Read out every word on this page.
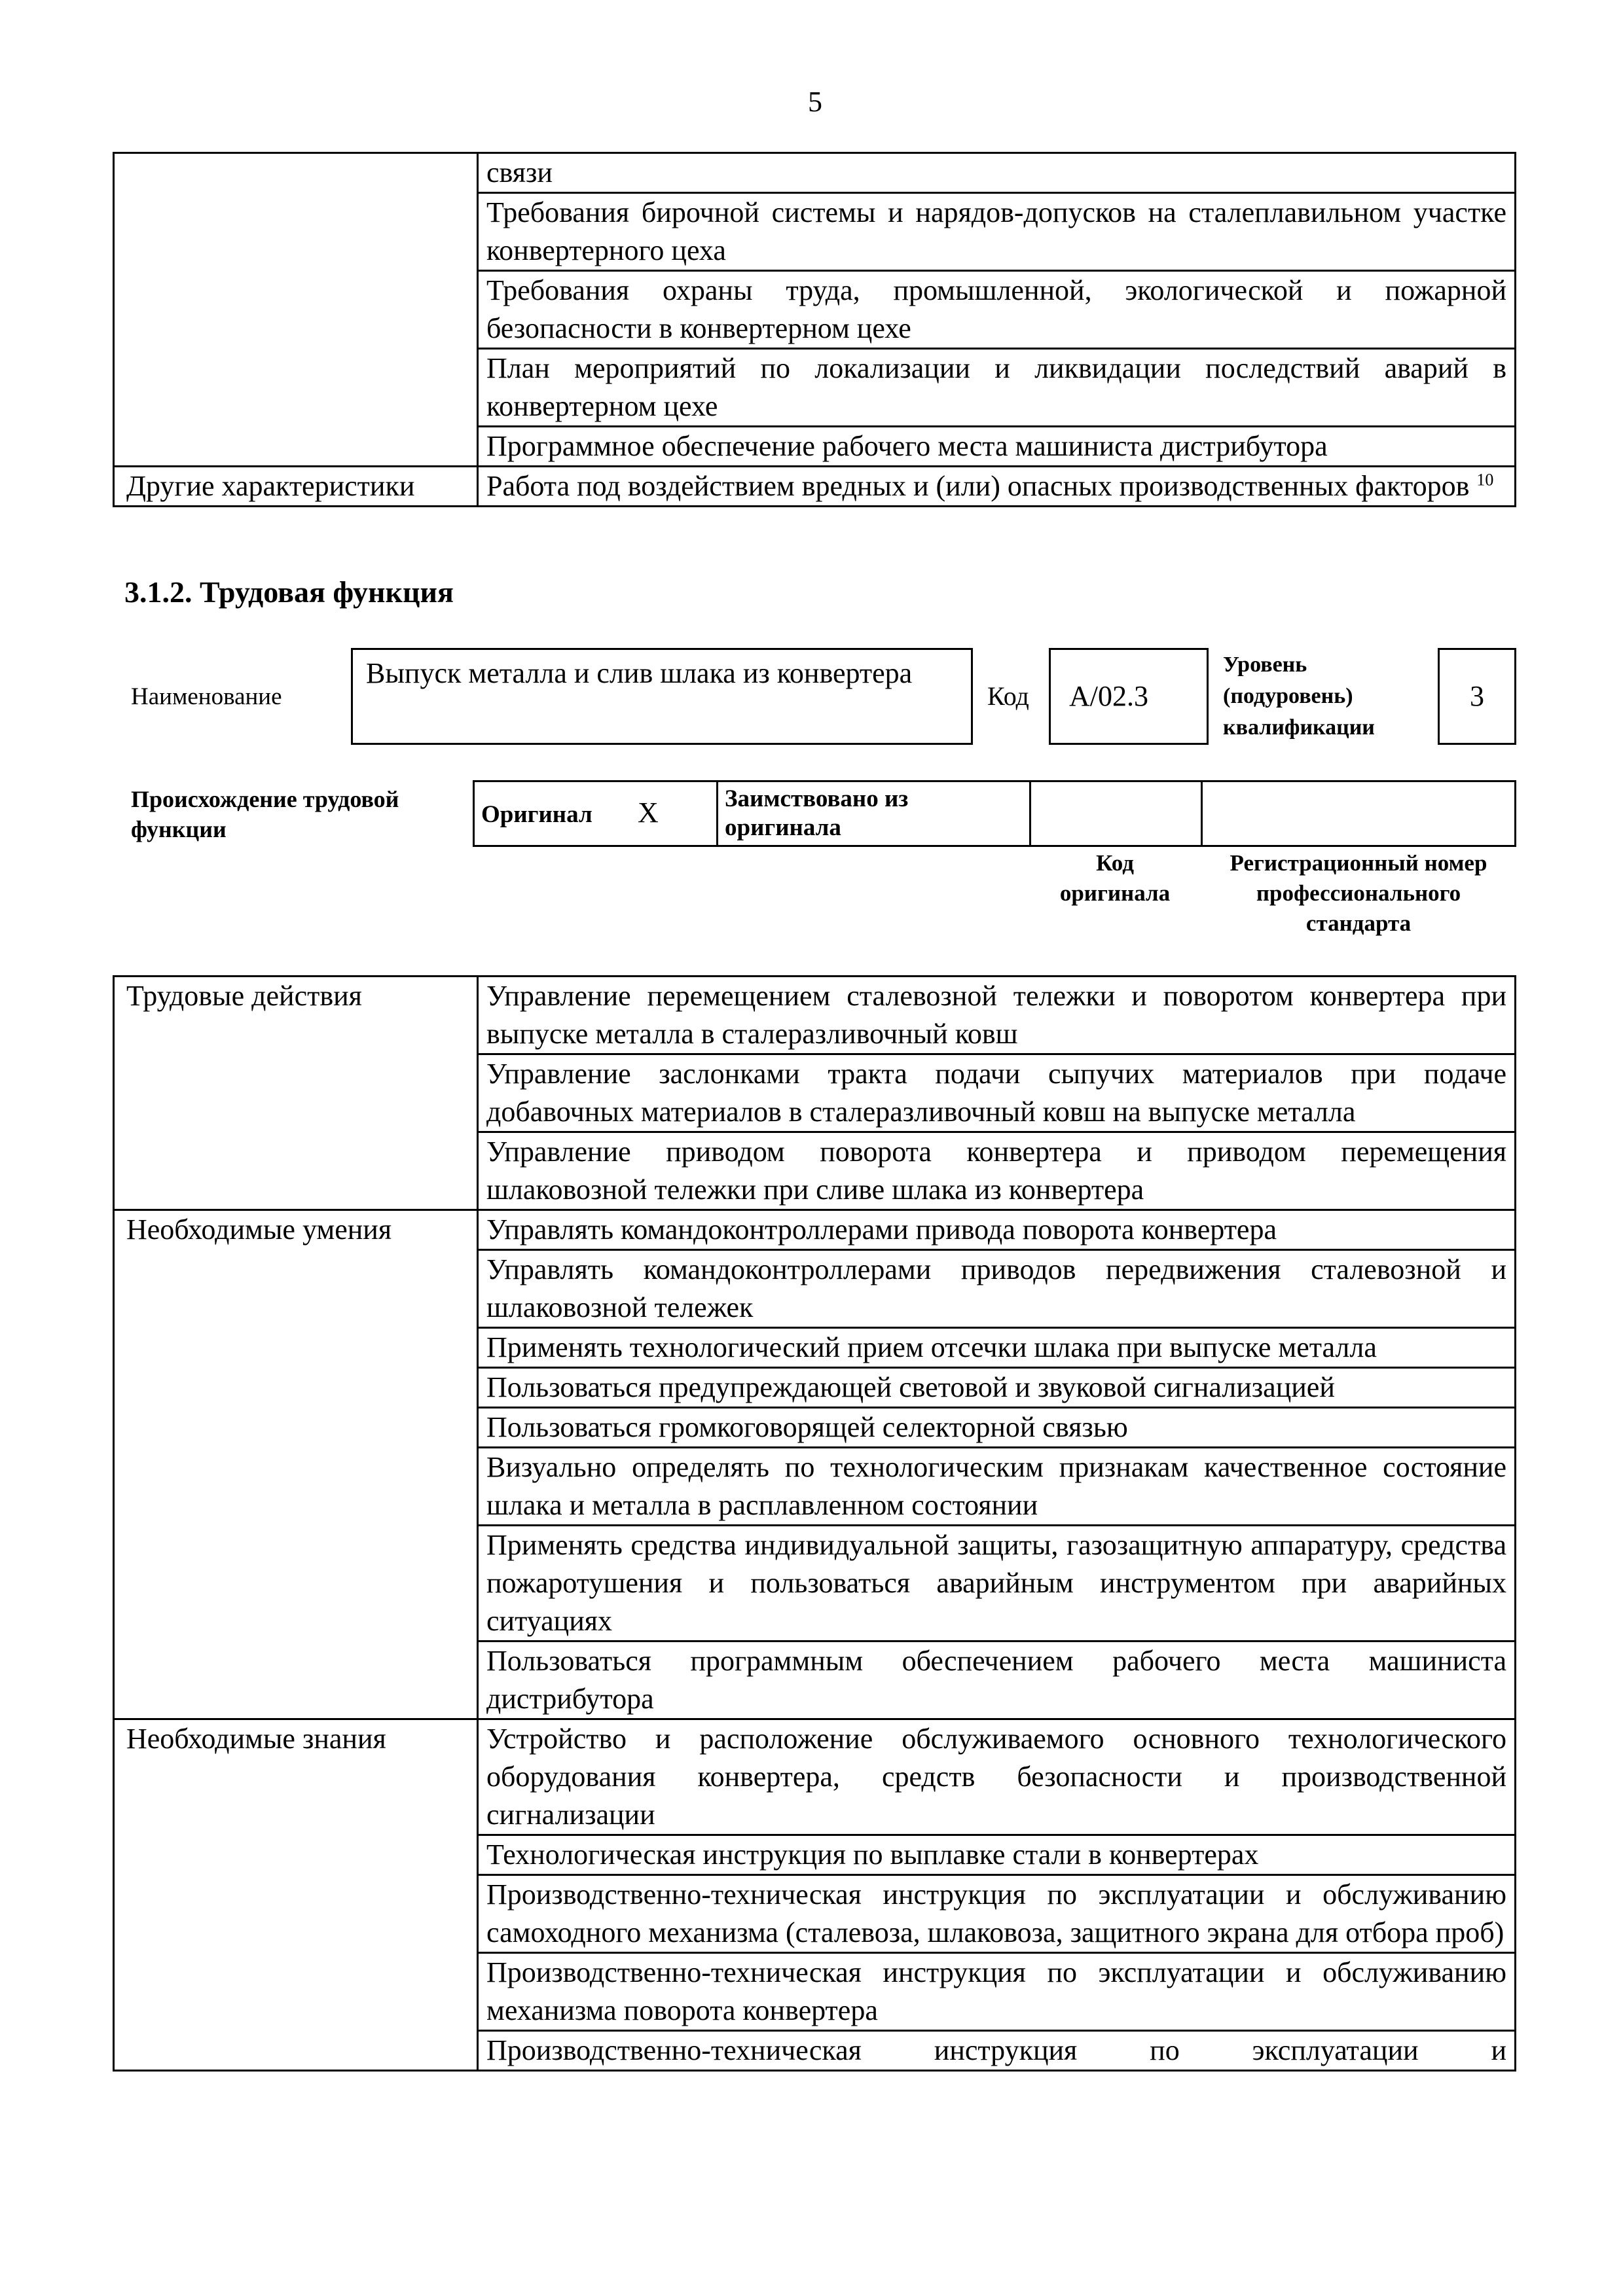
5
	связи
	Требования бирочной системы и нарядов-допусков на сталеплавильном участке конвертерного цеха
	Требования охраны труда, промышленной, экологической и пожарной безопасности в конвертерном цехе
	План мероприятий по локализации и ликвидации последствий аварий в конвертерном цехе
	Программное обеспечение рабочего места машиниста дистрибутора
Другие характеристики	Работа под воздействием вредных и (или) опасных производственных факторов $^{10}$
3.1.2. Трудовая функция
Наименование
Выпуск металла и слив шлака из конвертера
Код	A/02.3
Уровень
(подуровень)
квалификации
3
Происхождение трудовой
функции
Оригинал X	Заимствовано из
оригинала

Код
оригинала
Регистрационный номер
профессионального
стандарта
Трудовые действия	Управление перемещением сталевозной тележки и поворотом конвертера при выпуске металла в сталеразливочный ковш
	Управление заслонками тракта подачи сыпучих материалов при подаче добавочных материалов в сталеразливочный ковш на выпуске металла
	Управление приводом поворота конвертера и приводом перемещения шлаковозной тележки при сливе шлака из конвертера
Необходимые умения	Управлять командоконтроллерами привода поворота конвертера
	Управлять командоконтроллерами приводов передвижения сталевозной и шлаковозной тележек
	Применять технологический прием отсечки шлака при выпуске металла
	Пользоваться предупреждающей световой и звуковой сигнализацией
	Пользоваться громкоговорящей селекторной связью
	Визуально определять по технологическим признакам качественное состояние шлака и металла в расплавленном состоянии
	Применять средства индивидуальной защиты, газозащитную аппаратуру, средства пожаротушения и пользоваться аварийным инструментом при аварийных ситуациях
	Пользоваться программным обеспечением рабочего места машиниста дистрибутора
Необходимые знания	Устройство и расположение обслуживаемого основного технологического оборудования конвертера, средств безопасности и производственной сигнализации
	Технологическая инструкция по выплавке стали в конвертерах
	Производственно-техническая инструкция по эксплуатации и обслуживанию самоходного механизма (сталевоза, шлаковоза, защитного экрана для отбора проб)
	Производственно-техническая инструкция по эксплуатации и обслуживанию механизма поворота конвертера
	Производственно-техническая инструкция по эксплуатации и
